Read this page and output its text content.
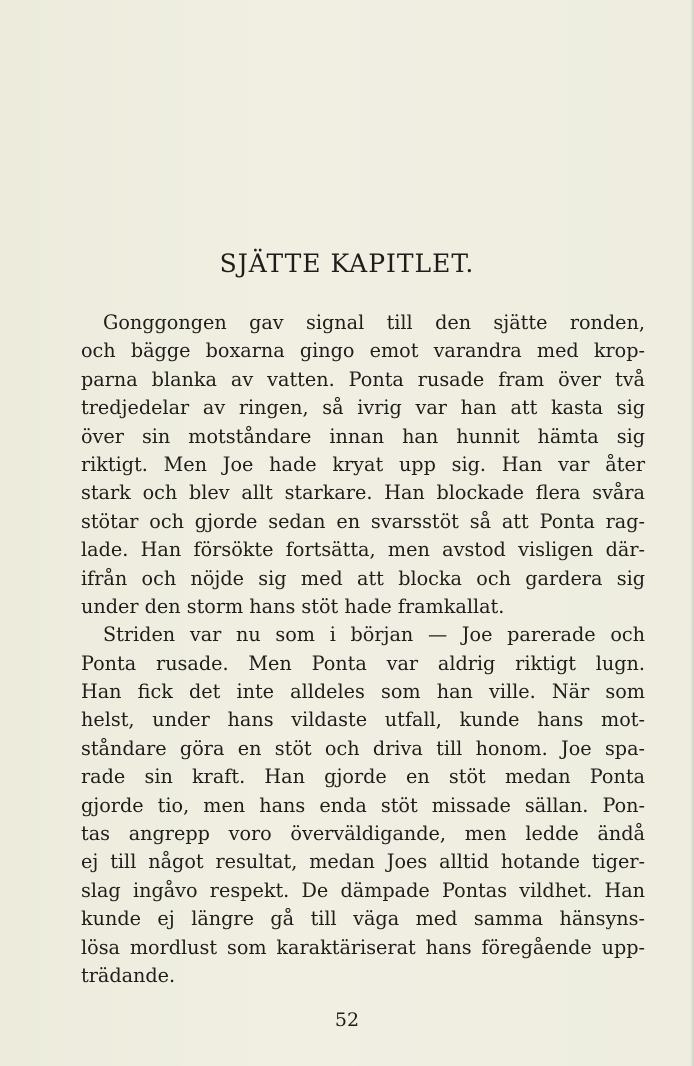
SJÄTTE KAPITLET.
Gonggongen gav signal till den sjätte ronden,
och bägge boxarna gingo emot varandra med krop-
parna blanka av vatten. Ponta rusade fram över två
tredjedelar av ringen, så ivrig var han att kasta sig
över sin motståndare innan han hunnit hämta sig
riktigt. Men Joe hade kryat upp sig. Han var åter
stark och blev allt starkare. Han blockade flera svåra
stötar och gjorde sedan en svarsstöt så att Ponta rag-
lade. Han försökte fortsätta, men avstod visligen där-
ifrån och nöjde sig med att blocka och gardera sig
under den storm hans stöt hade framkallat.
Striden var nu som i början — Joe parerade och
Ponta rusade. Men Ponta var aldrig riktigt lugn.
Han fick det inte alldeles som han ville. När som
helst, under hans vildaste utfall, kunde hans mot-
ståndare göra en stöt och driva till honom. Joe spa-
rade sin kraft. Han gjorde en stöt medan Ponta
gjorde tio, men hans enda stöt missade sällan. Pon-
tas angrepp voro överväldigande, men ledde ändå
ej till något resultat, medan Joes alltid hotande tiger-
slag ingåvo respekt. De dämpade Pontas vildhet. Han
kunde ej längre gå till väga med samma hänsyns-
lösa mordlust som karaktäriserat hans föregående upp-
trädande.
52
